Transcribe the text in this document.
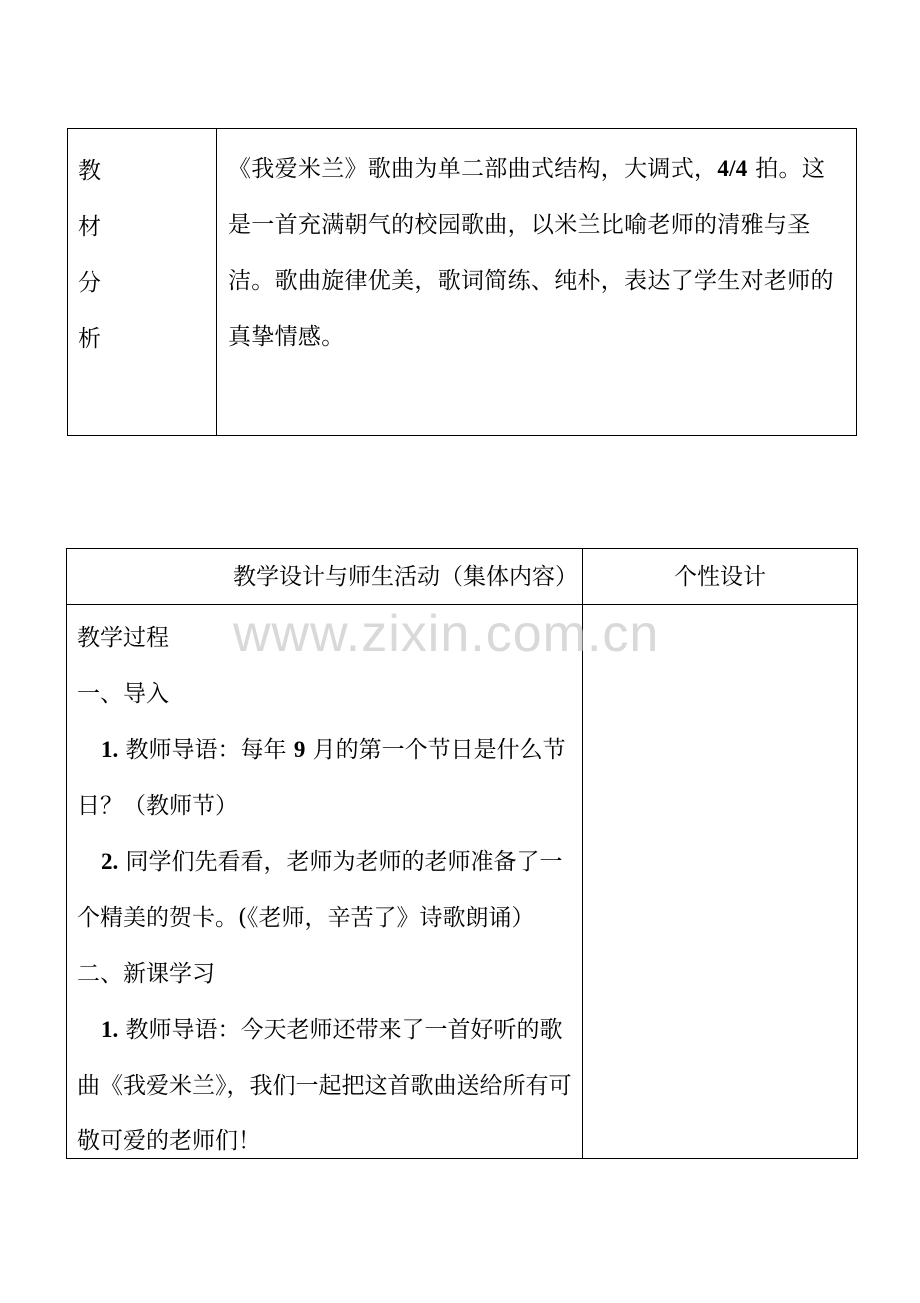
教
材
分
析
《我爱米兰》歌曲为单二部曲式结构，大调式，4/4 拍。这是一首充满朝气的校园歌曲，以米兰比喻老师的清雅与圣洁。歌曲旋律优美，歌词简练、纯朴，表达了学生对老师的真挚情感。
教学设计与师生活动（集体内容）	个性设计
教学过程
一、导入
1. 教师导语：每年 9 月的第一个节日是什么节日？（教师节）
2. 同学们先看看，老师为老师的老师准备了一个精美的贺卡。(《老师，辛苦了》诗歌朗诵）
二、新课学习
1. 教师导语：今天老师还带来了一首好听的歌曲《我爱米兰》，我们一起把这首歌曲送给所有可敬可爱的老师们！
www.zixin.com.cn
